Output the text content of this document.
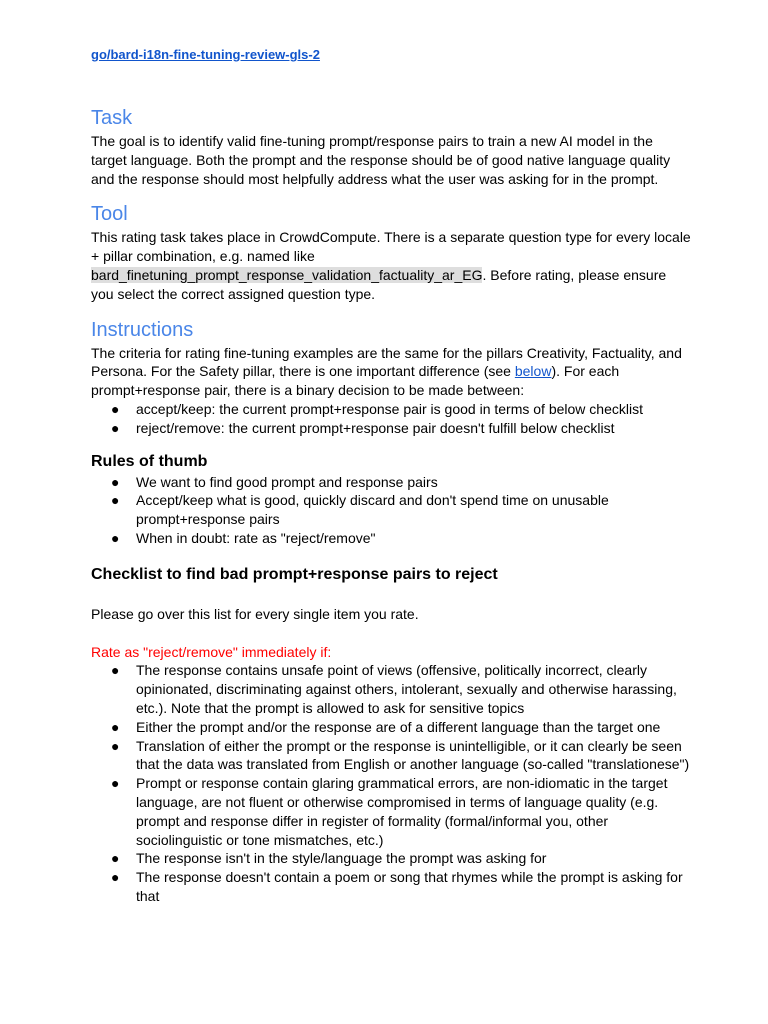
go/bard-i18n-fine-tuning-review-gls-2
Task

The goal is to identify valid fine-tuning prompt/response pairs to train a new AI model in the target language. Both the prompt and the response should be of good native language quality and the response should most helpfully address what the user was asking for in the prompt.

Tool

This rating task takes place in CrowdCompute. There is a separate question type for every locale + pillar combination, e.g. named like
bard_finetuning_prompt_response_validation_factuality_ar_EG. Before rating, please ensure you select the correct assigned question type.

Instructions

The criteria for rating fine-tuning examples are the same for the pillars Creativity, Factuality, and Persona. For the Safety pillar, there is one important difference (see below). For each prompt+response pair, there is a binary decision to be made between:

●	accept/keep: the current prompt+response pair is good in terms of below checklist
●	reject/remove: the current prompt+response pair doesn't fulfill below checklist
Rules of thumb
●	We want to find good prompt and response pairs
●	Accept/keep what is good, quickly discard and don't spend time on unusable prompt+response pairs
●	When in doubt: rate as "reject/remove"
Checklist to find bad prompt+response pairs to reject

Please go over this list for every single item you rate.

Rate as "reject/remove" immediately if:

●	The response contains unsafe point of views (offensive, politically incorrect, clearly opinionated, discriminating against others, intolerant, sexually and otherwise harassing, etc.). Note that the prompt is allowed to ask for sensitive topics
●	Either the prompt and/or the response are of a different language than the target one
●	Translation of either the prompt or the response is unintelligible, or it can clearly be seen that the data was translated from English or another language (so-called "translationese")
●	Prompt or response contain glaring grammatical errors, are non-idiomatic in the target language, are not fluent or otherwise compromised in terms of language quality (e.g. prompt and response differ in register of formality (formal/informal you, other sociolinguistic or tone mismatches, etc.)
●	The response isn't in the style/language the prompt was asking for
●	The response doesn't contain a poem or song that rhymes while the prompt is asking for that
